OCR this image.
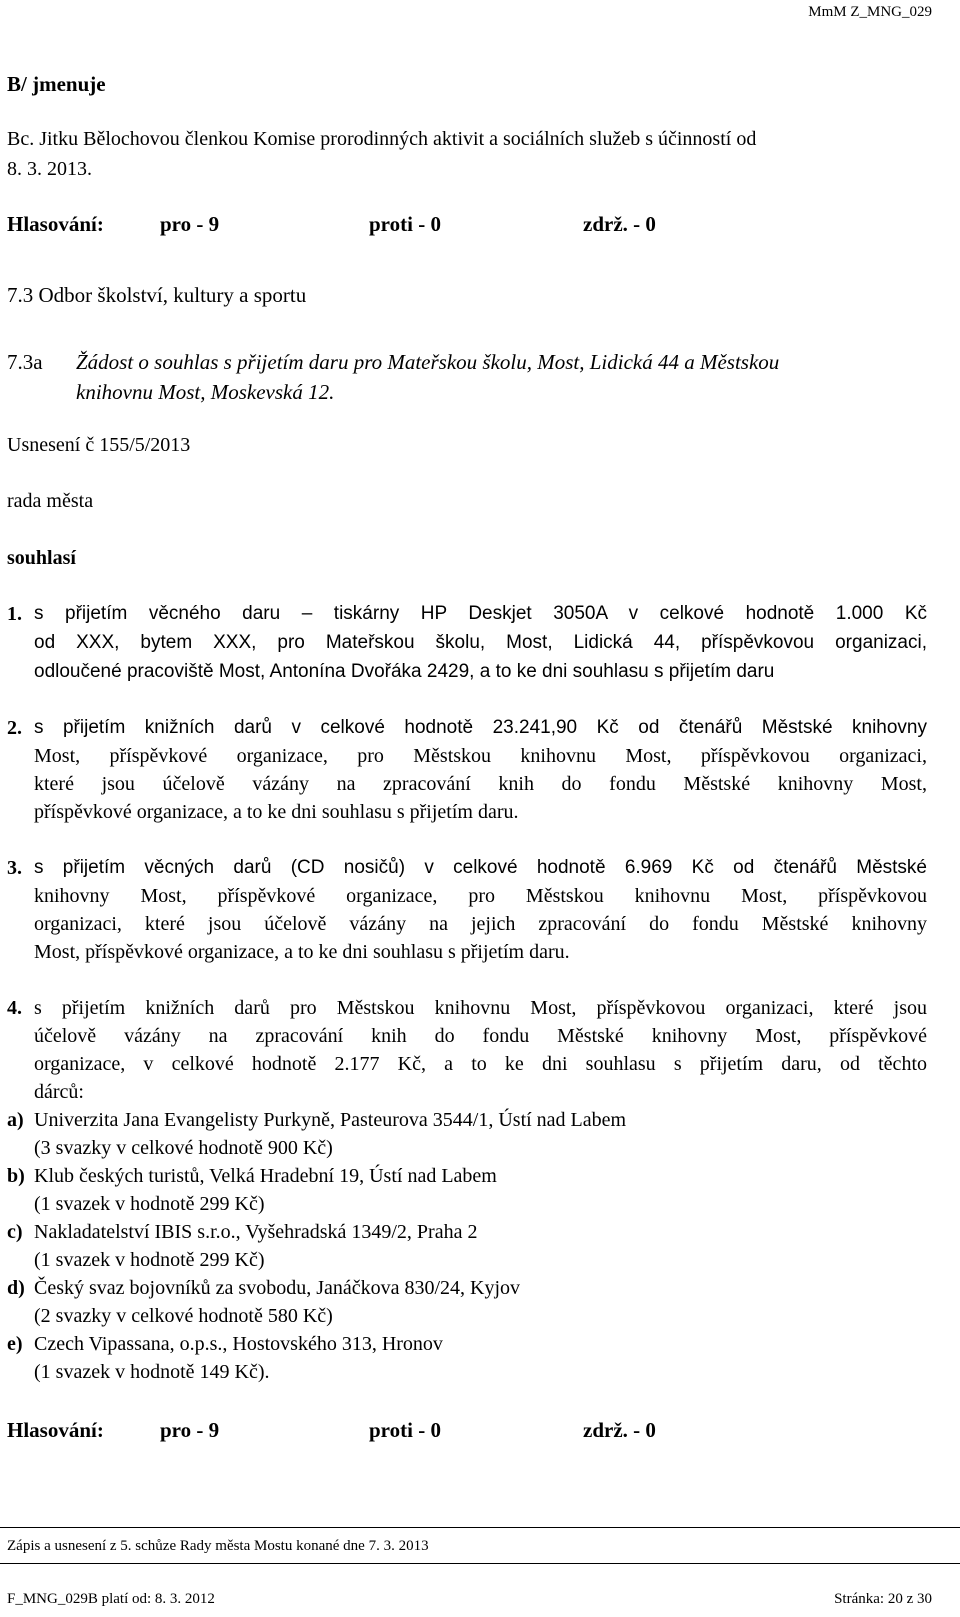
MmM Z_MNG_029
B/ jmenuje
Bc. Jitku Bělochovou členkou Komise prorodinných aktivit a sociálních služeb s účinností od
8. 3. 2013.
Hlasování:	pro - 9	proti - 0	zdrž. - 0
7.3 Odbor školství, kultury a sportu
7.3a Žádost o souhlas s přijetím daru pro Mateřskou školu, Most, Lidická 44 a Městskou
knihovnu Most, Moskevská 12.
Usnesení č 155/5/2013
rada města
souhlasí
1. s přijetím věcného daru – tiskárny HP Deskjet 3050A v celkové hodnotě 1.000 Kč
od XXX, bytem XXX, pro Mateřskou školu, Most, Lidická 44, příspěvkovou organizaci,
odloučené pracoviště Most, Antonína Dvořáka 2429, a to ke dni souhlasu s přijetím daru
2. s přijetím knižních darů v celkové hodnotě 23.241,90 Kč od čtenářů Městské knihovny
Most, příspěvkové organizace, pro Městskou knihovnu Most, příspěvkovou organizaci,
které jsou účelově vázány na zpracování knih do fondu Městské knihovny Most,
příspěvkové organizace, a to ke dni souhlasu s přijetím daru.
3. s přijetím věcných darů (CD nosičů) v celkové hodnotě 6.969 Kč od čtenářů Městské
knihovny Most, příspěvkové organizace, pro Městskou knihovnu Most, příspěvkovou
organizaci, které jsou účelově vázány na jejich zpracování do fondu Městské knihovny
Most, příspěvkové organizace, a to ke dni souhlasu s přijetím daru.
4. s přijetím knižních darů pro Městskou knihovnu Most, příspěvkovou organizaci, které jsou
účelově vázány na zpracování knih do fondu Městské knihovny Most, příspěvkové
organizace, v celkové hodnotě 2.177 Kč, a to ke dni souhlasu s přijetím daru, od těchto
dárců:
a) Univerzita Jana Evangelisty Purkyně, Pasteurova 3544/1, Ústí nad Labem
(3 svazky v celkové hodnotě 900 Kč)
b) Klub českých turistů, Velká Hradební 19, Ústí nad Labem
(1 svazek v hodnotě 299 Kč)
c) Nakladatelství IBIS s.r.o., Vyšehradská 1349/2, Praha 2
(1 svazek v hodnotě 299 Kč)
d) Český svaz bojovníků za svobodu, Janáčkova 830/24, Kyjov
(2 svazky v celkové hodnotě 580 Kč)
e) Czech Vipassana, o.p.s., Hostovského 313, Hronov
(1 svazek v hodnotě 149 Kč).
Hlasování:	pro - 9	proti - 0	zdrž. - 0
Zápis a usnesení z 5. schůze Rady města Mostu konané dne 7. 3. 2013
F_MNG_029B platí od: 8. 3. 2012	Stránka: 20 z 30
